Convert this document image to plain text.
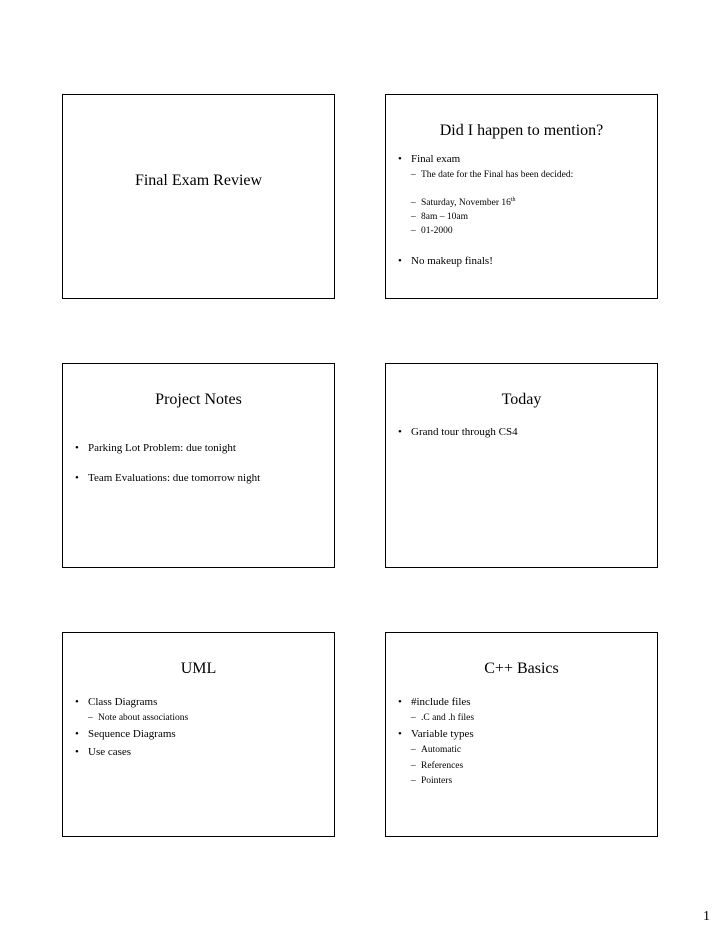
Final Exam Review
Did I happen to mention?
• Final exam
– The date for the Final has been decided:
– Saturday, November 16th
– 8am – 10am
– 01-2000
• No makeup finals!
Project Notes
• Parking Lot Problem: due tonight
• Team Evaluations: due tomorrow night
Today
• Grand tour through CS4
UML
• Class Diagrams
– Note about associations
• Sequence Diagrams
• Use cases
C++ Basics
• #include files
– .C and .h files
• Variable types
– Automatic
– References
– Pointers
1
